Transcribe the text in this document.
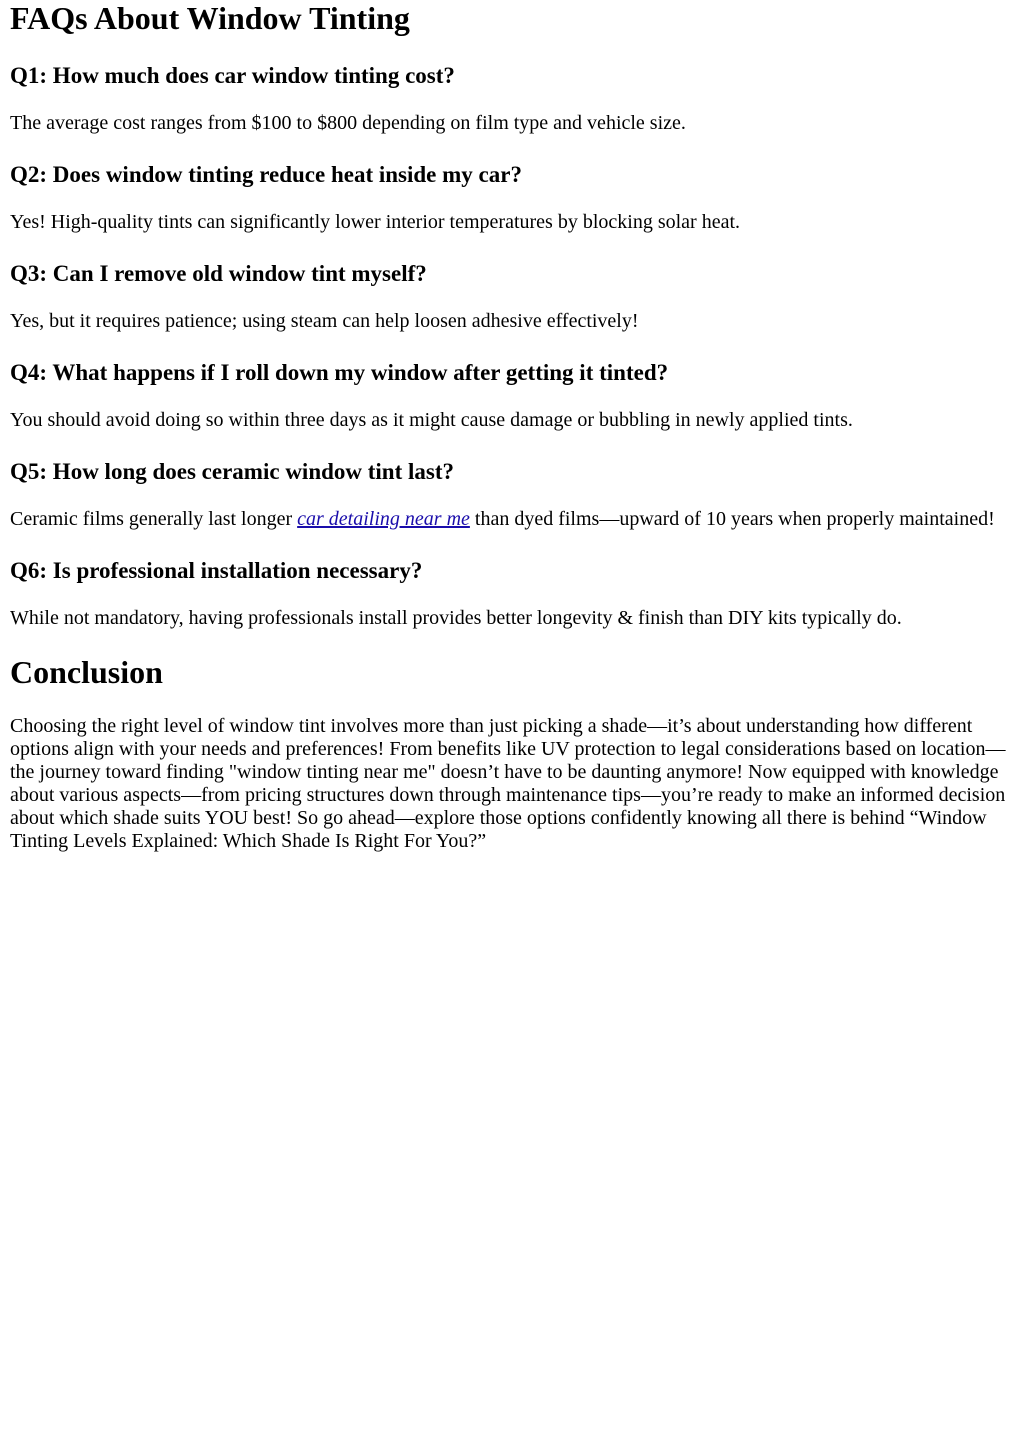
FAQs About Window Tinting
Q1: How much does car window tinting cost?

The average cost ranges from $100 to $800 depending on film type and vehicle size.

Q2: Does window tinting reduce heat inside my car?

Yes! High-quality tints can significantly lower interior temperatures by blocking solar heat.

Q3: Can I remove old window tint myself?

Yes, but it requires patience; using steam can help loosen adhesive effectively!

Q4: What happens if I roll down my window after getting it tinted?

You should avoid doing so within three days as it might cause damage or bubbling in newly applied tints.

Q5: How long does ceramic window tint last?

Ceramic films generally last longer car detailing near me than dyed films—upward of 10 years when properly maintained!

Q6: Is professional installation necessary?

While not mandatory, having professionals install provides better longevity & finish than DIY kits typically do.

Conclusion

Choosing the right level of window tint involves more than just picking a shade—it’s about understanding how different options align with your needs and preferences! From benefits like UV protection to legal considerations based on location—the journey toward finding "window tinting near me" doesn’t have to be daunting anymore! Now equipped with knowledge about various aspects—from pricing structures down through maintenance tips—you’re ready to make an informed decision about which shade suits YOU best! So go ahead—explore those options confidently knowing all there is behind “Window Tinting Levels Explained: Which Shade Is Right For You?”
